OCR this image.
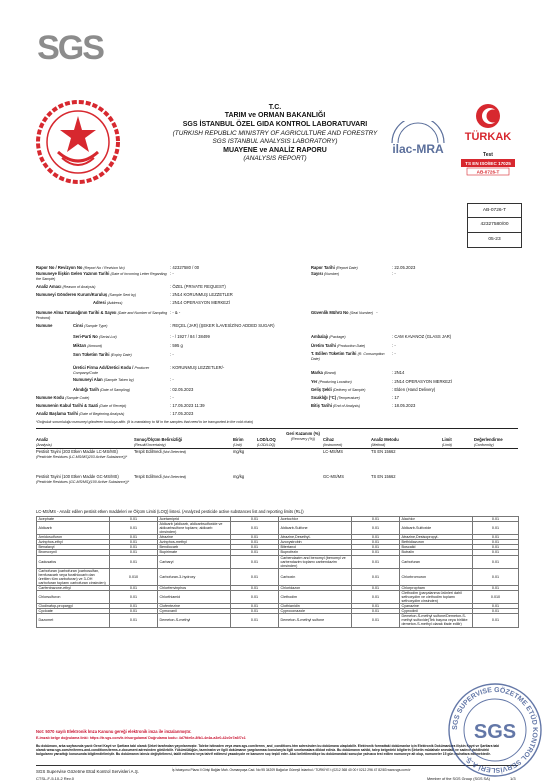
SGS
ilac-MRA
TÜRKAK
Test
TS EN ISO/IEC 17025
AB-0726-T
T.C.
TARIM ve ORMAN BAKANLIĞI
SGS İSTANBUL ÖZEL GIDA KONTROL LABORATUVARI
(TURKISH REPUBLIC MINISTRY OF AGRICULTURE AND FORESTRY
SGS ISTANBUL ANALYSIS LABORATORY)
MUAYENE ve ANALİZ RAPORU
(ANALYSIS REPORT)
AB-0726-T
42327580/00
05-23
Rapor No / Revizyon No (Report No / Revision No)	: 42327580 / 00
Numuneye İlişkin Gelen Yazının Tarihi (Date of Incoming Letter Regarding the Sample)
: -
Analiz Amacı (Reason of Analysis)	: ÖZEL (PRIVATE REQUEST)
Numuneyi Gönderen Kurum/Kuruluş (Sample Sent by)	: 2N14 KORUNMUŞ LEZZETLER
Adresi (Address)	: 2N14 OPERASYON MERKEZİ
Numune Alma Tutanağının Tarihi & Sayısı (Date and Number of Sampling Protocol)
: - & -
Numune	Cinsi (Sample Type)	: REÇEL (JAR) (ŞEKER İLAVESİZ/NO ADDED SUGAR)
Seri-Parti No (Serial-Lot)	: - / 1927 / 84 / 38499
Miktarı (Amount)	: 595 g
Son Tüketim Tarihi (Expiry Date)	: -
Üretici Firma Adı/Üretici Kodu / Producer Company/Code
: KORUNMUŞ LEZZETLER/-
Numuneyi Alan (Sample Taken by)	: -
Alındığı Tarih (Date of Sampling)	: 02.05.2023
Numune Kodu (Sample Code)	: -
Numunenin Kabul Tarihi & Saati (Date of Receipt)	: 17.05.2023 11:39
Analiz Başlama Tarihi (Date of Beginning Analysis)	: 17.05.2023
Rapor Tarihi (Report Date)	: 22.05.2023
Sayısı (Number)	: -
Güvenlik Mührü No (Seal Number) -
Ambalajı (Package)	: CAM KAVANOZ (GLASS JAR)
Üretim Tarihi (Production Date)	: -
T. Edilen Tüketim Tarihi (R. Consumption Date)
: -
Marka (Brand)	: 2N14
Yer (Producing Location)	: 2N14 OPERASYON MERKEZİ
Geliş Şekli (Delivery of Sample)	: Elden (Hand Delivery)
Sıcaklığı (°C) (Temperature)	: 17
Bitiş Tarihi (End of Analysis)	: 18.05.2023
*Doğruluk sorumluluğu numuneyi gönderen kuruluşa aittir. (It is mandatory to fill in the samples that need to be transported in the cold chain)
Analiz
(Analysis)
Sonuç/Ölçüm Belirsizliği
(Result/Uncertainty)
Birim
(Unit)
LOD/LOQ
(LOD/LOQ)
Geri Kazanım (%)
(Recovery (%))	Cihaz
(Instrument)
Analiz Metodu
(Method)
Limit
(Limit)
Değerlendirme
(Conformity)
Pestisit Tayini (203 Etken Madde LC-MS/MS)
(Pesticide Residues (LC-MS/MS)203 Active Substance))*
Tespit Edilmedi (Not Detected)	mg/kg	LC-MS/MS	TS EN 15662
Pestisit Tayini (100 Etken Madde GC-MS/MS)
(Pesticide Residues (GC-MS/MS)(100 Active Substance))*
Tespit Edilmedi (Not Detected)	mg/kg	GC-MS/MS	TS EN 15662
LC-MS/MS - Analiz edilen pestisit etken maddeleri ve Ölçüm Limiti (LOQ) listesi. (Analyzed pesticide active substances list and reporting limits (RL))
Acephate	0.01	Acetamiprid	0.01	Acetochlor	0.01	Alachlor	0.01
Aldicarb	0.01	Aldicarb (aldicarb, aldicarbsulfoxide ve aldicarbsulfone toplamı; aldicarb cinsinden)	0.01	Aldicarb-Sulfone	0.01	Aldicarb-Sulfoxide	0.01
Amidosulfuron	0.01	Atrazine	0.01	Atrazine,Desethyl-	0.01	Atrazine,Desisopropyl-	0.01
Azinphos-ethyl	0.01	Azinphos-methyl	0.01	Azoxystrobin	0.01	Bethidiazuron	0.01
Benalaxyl	0.01	Bendiocarb	0.01	Bitertanol	0.01	Boscalid	0.01
Bromoxynil	0.01	Bupirimate	0.01	Buprofezin	0.01	Butralin	0.01
Cadusafos	0.01	Carbaryl	0.01	Carbendazim and benomyl (benomyl ve carbendazim toplamı carbendazim cinsinden)	0.01	Carbofuran	0.01
Carbofuran (carbofuran (carbosulfan, benfuracarb veya furathiocarb dan üretilen tüm carbofuran) ve 3-OH carbofuran toplamı carbofuran cinsinden)	0.010	Carbofuran-3-hydroxy	0.01	Carboxin	0.01	Chlorbromuron	0.01
Carfentrazone-ethyl	0.01	Chlorfenvinphos	0.01	Chloridazon	0.01	Chlorpropham	0.01
Chlorsulfuron	0.01	Chlorthiamid	0.01	Clethodim	0.01	Clethodim (parçalanma ürünleri dahil sethoxydim ve clethodim toplamı sethoxydim cinsinden)	0.010
Clodinafop-propargyl	0.01	Clofentezine	0.01	Clothianidin	0.01	Cyanazine	0.01
Cycloate	0.01	Cymoxanil	0.01	Cyproconazole	0.01	Cyprodinil	0.01
Dazomet	0.01	Demeton-S-methyl	0.01	Demeton-S-methyl sulfone	0.01	Demeton-S-methyl sulfone/Demeton-S-methyl sulfoxide(Tek başına veya birlikte demeton-S-methyl olarak ifade edilir)	0.01
Not: 5070 sayılı Elektronik İmza Kanunu gereği elektronik imza ile imzalanmıştır.
E-imzalı belge doğrulama linki: https://tr.sgs.com/tr-tr/sorgulama/ Doğrulama kodu: 4d7fde6e-8fb1-4e4a-a3e0-42c0e7a6f7c1
Bu dokümanı, arka sayfasında yazılı Genel Kayıt ve Şartlara tabi olarak Şirket tarafından yayınlanmıştır. Talebe istinaden veya www.sgs.com/terms_and_conditions.htm adresinden bu dokümana ulaşılabilir. Elektronik formattaki dokümanlar için Elektronik Dokümanlara ilişkin Kayıt ve Şartlara tabi olarak www.sgs.com/en/terms-and-conditions/terms-e-document adresinden görülebilir. Yükümlülüğün, tazminatın ve ilgili dokümanın yargılanması konularıyla ilgili sınırlamalara dikkat ediniz. Bu dokümanın sahibi, talep belgedeki bilgilerin Şirketin müdahale anındaki ve sadece dahilindeki bulgularını yansıttığı konusunda bilgilendirilmiştir. Bu dokümanın izinsiz değiştirilmesi, taklit edilmesi veya tahrif edilmesi yasadışıdır ve kanunen suç teşkil eder. Aksi belirtilmedikçe bu dokümandaki sonuçlar yalnızca test edilen numuneye ait olup, numuneler 15 gün muhafaza edilmektedir.
SGS Supervise Gözetme Etüd Kontrol Servisleri A.Ş.	İş İstasyonu Plaza II Girişi Bağlar Mah. Osmanpaşa Cad. No:95 34209 Bağcılar Güneşli İstanbul / TÜRKİYE t (0212 368 40 00 f 0212 296 47 82/83 www.sgs.com.tr
CTSL-F-5.10-2 Rev.0	Member of the SGS Group (SGS SA)	1/3
SGS SUPERVISE GÖZETME ETÜD KONTROL SERVİSLERİ A.Ş.
SGS
